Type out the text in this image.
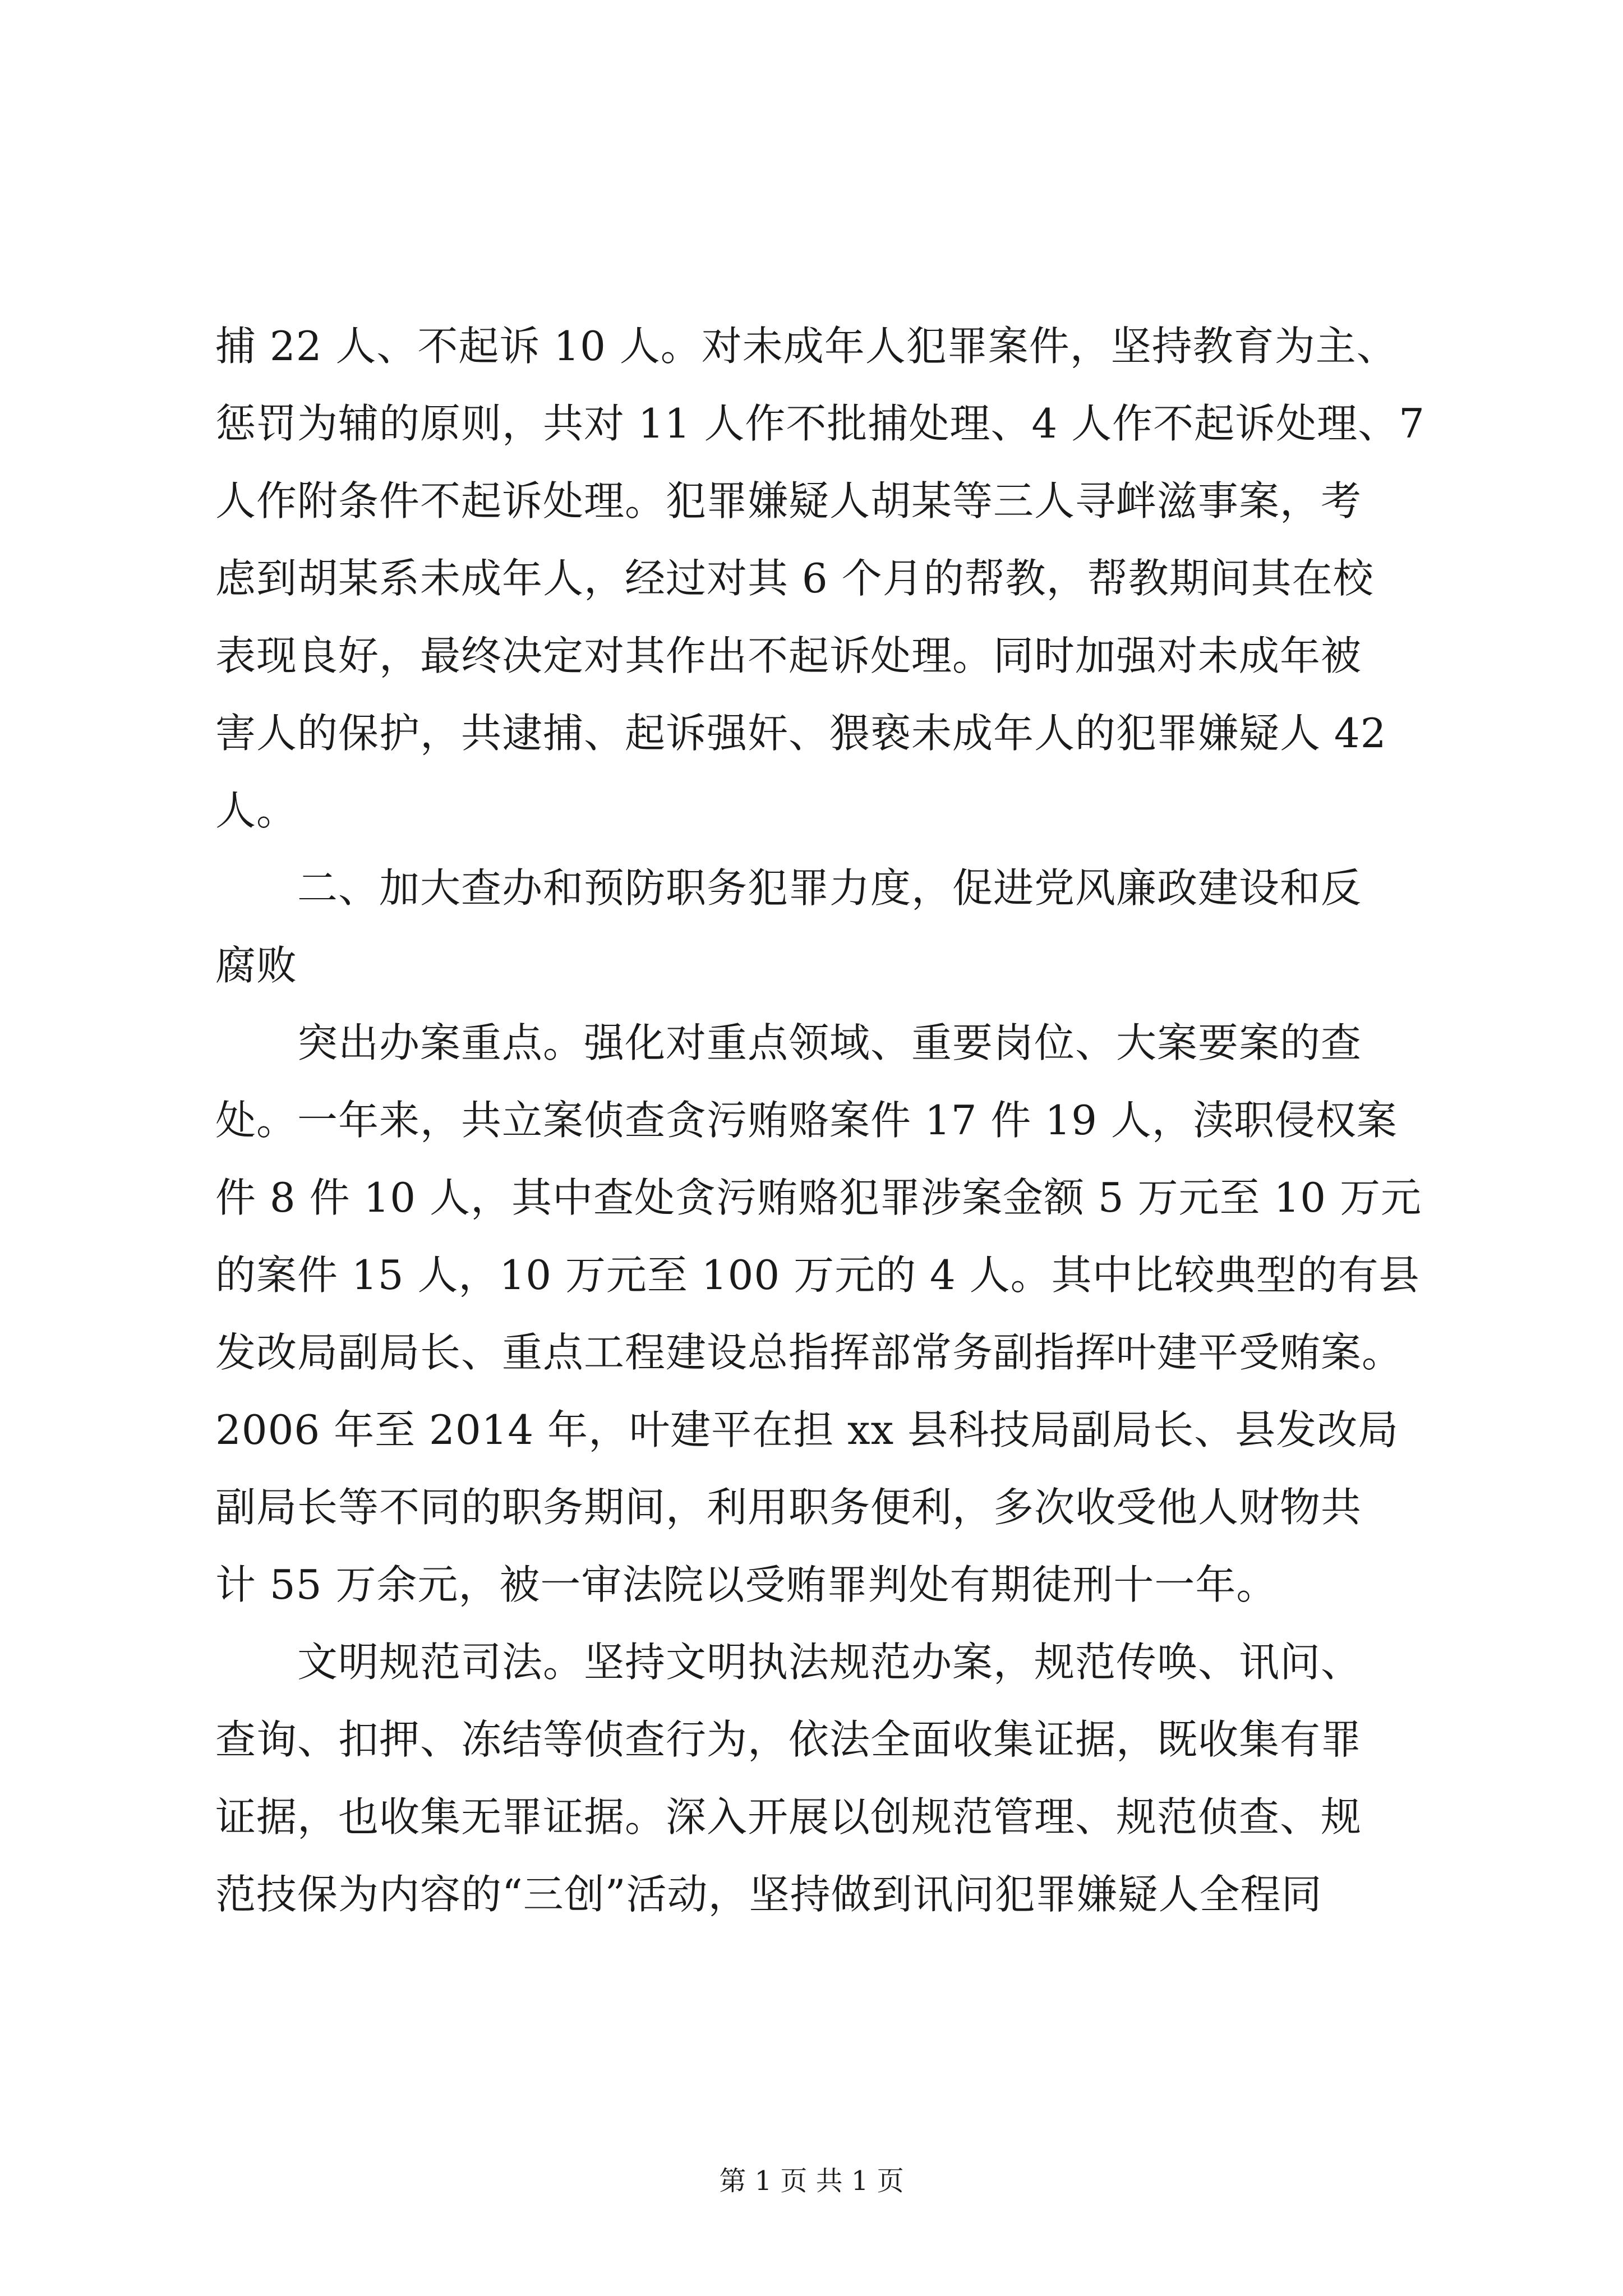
捕 22 人、不起诉 10 人。对未成年人犯罪案件，坚持教育为主、
惩罚为辅的原则，共对 11 人作不批捕处理、4 人作不起诉处理、7
人作附条件不起诉处理。犯罪嫌疑人胡某等三人寻衅滋事案，考
虑到胡某系未成年人，经过对其 6 个月的帮教，帮教期间其在校
表现良好，最终决定对其作出不起诉处理。同时加强对未成年被
害人的保护，共逮捕、起诉强奸、猥亵未成年人的犯罪嫌疑人 42
人。
　　二、加大查办和预防职务犯罪力度，促进党风廉政建设和反
腐败
　　突出办案重点。强化对重点领域、重要岗位、大案要案的查
处。一年来，共立案侦查贪污贿赂案件 17 件 19 人，渎职侵权案
件 8 件 10 人，其中查处贪污贿赂犯罪涉案金额 5 万元至 10 万元
的案件 15 人，10 万元至 100 万元的 4 人。其中比较典型的有县
发改局副局长、重点工程建设总指挥部常务副指挥叶建平受贿案。
2006 年至 2014 年，叶建平在担 xx 县科技局副局长、县发改局
副局长等不同的职务期间，利用职务便利，多次收受他人财物共
计 55 万余元，被一审法院以受贿罪判处有期徒刑十一年。
　　文明规范司法。坚持文明执法规范办案，规范传唤、讯问、
查询、扣押、冻结等侦查行为，依法全面收集证据，既收集有罪
证据，也收集无罪证据。深入开展以创规范管理、规范侦查、规
范技保为内容的“三创”活动，坚持做到讯问犯罪嫌疑人全程同
第 1 页 共 1 页
